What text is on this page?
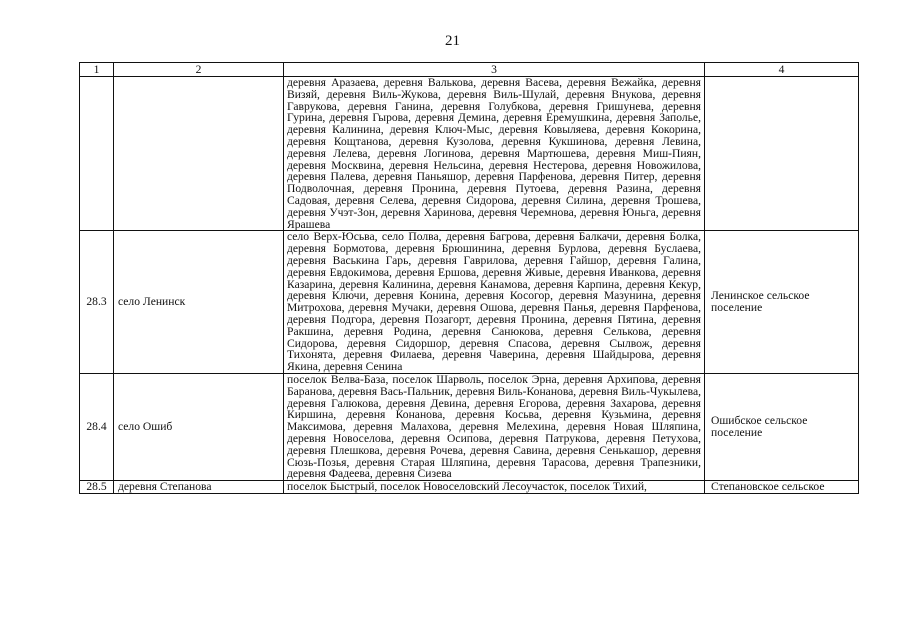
21
1	2	3	4
		деревня Аразаева, деревня Валькова, деревня Васева, деревня Вежайка, деревня Визяй, деревня Виль-Жукова, деревня Виль-Шулай, деревня Внукова, деревня Гаврукова, деревня Ганина, деревня Голубкова, деревня Гришунева, деревня Гурина, деревня Гырова, деревня Демина, деревня Еремушкина, деревня Заполье, деревня Калинина, деревня Ключ-Мыс, деревня Ковыляева, деревня Кокорина, деревня Кощтанова, деревня Кузолова, деревня Кукшинова, деревня Левина, деревня Лелева, деревня Логинова, деревня Мартюшева, деревня Миш-Пиян, деревня Москвина, деревня Нельсина, деревня Нестерова, деревня Новожилова, деревня Палева, деревня Паньяшор, деревня Парфенова, деревня Питер, деревня Подволочная, деревня Пронина, деревня Путоева, деревня Разина, деревня Садовая, деревня Селева, деревня Сидорова, деревня Силина, деревня Трошева, деревня Учэт-Зон, деревня Харинова, деревня Черемнова, деревня Юньга, деревня Ярашева	
28.3	село Ленинск	село Верх-Юсьва, село Полва, деревня Багрова, деревня Балкачи, деревня Болка, деревня Бормотова, деревня Брюшинина, деревня Бурлова, деревня Буслаева, деревня Васькина Гарь, деревня Гаврилова, деревня Гайшор, деревня Галина, деревня Евдокимова, деревня Ершова, деревня Живые, деревня Иванкова, деревня Казарина, деревня Калинина, деревня Канамова, деревня Карпина, деревня Кекур, деревня Ключи, деревня Конина, деревня Косогор, деревня Мазунина, деревня Митрохова, деревня Мучаки, деревня Ошова, деревня Панья, деревня Парфенова, деревня Подгора, деревня Позагорт, деревня Пронина, деревня Пятина, деревня Ракшина, деревня Родина, деревня Санюкова, деревня Селькова, деревня Сидорова, деревня Сидоршор, деревня Спасова, деревня Сылвож, деревня Тихонята, деревня Филаева, деревня Чаверина, деревня Шайдырова, деревня Якина, деревня Сенина	Ленинское сельское поселение
28.4	село Ошиб	поселок Велва-База, поселок Шарволь, поселок Эрна, деревня Архипова, деревня Баранова, деревня Вась-Пальник, деревня Виль-Конанова, деревня Виль-Чукылева, деревня Галюкова, деревня Девина, деревня Егорова, деревня Захарова, деревня Киршина, деревня Конанова, деревня Косьва, деревня Кузьмина, деревня Максимова, деревня Малахова, деревня Мелехина, деревня Новая Шляпина, деревня Новоселова, деревня Осипова, деревня Патрукова, деревня Петухова, деревня Плешкова, деревня Рочева, деревня Савина, деревня Сенькашор, деревня Сюзь-Позья, деревня Старая Шляпина, деревня Тарасова, деревня Трапезники, деревня Фадеева, деревня Сизева	Ошибское сельское поселение
28.5	деревня Степанова	поселок Быстрый, поселок Новоселовский Лесоучасток, поселок Тихий,	Степановское сельское
